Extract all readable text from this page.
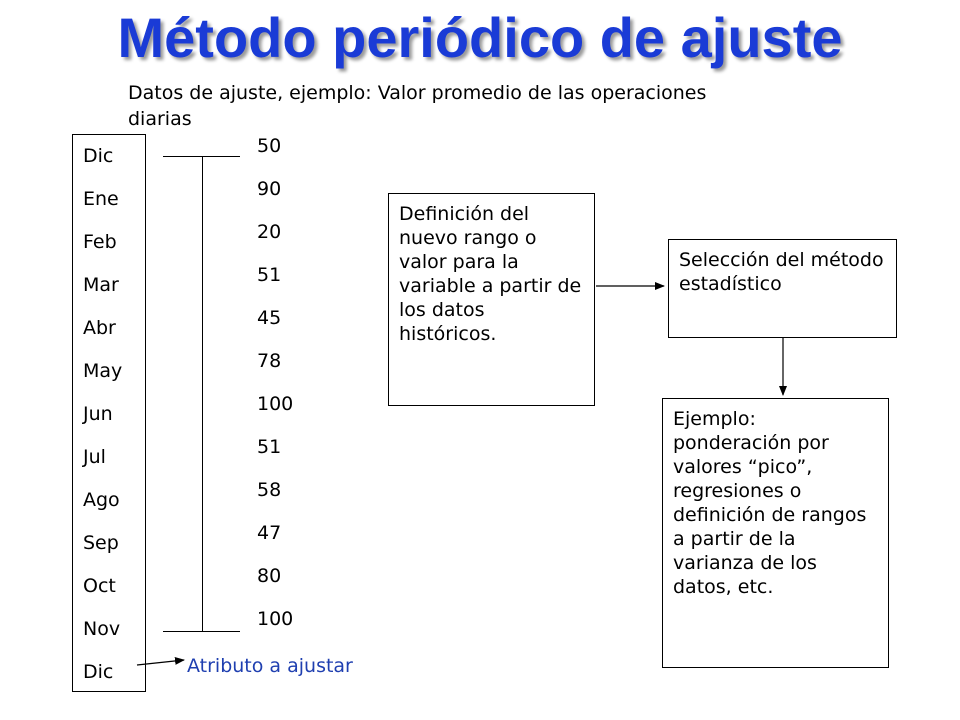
Método periódico de ajuste
Datos de ajuste, ejemplo: Valor promedio de las operaciones diarias
Dic
Ene
Feb
Mar
Abr
May
Jun
Jul
Ago
Sep
Oct
Nov
Dic
50
90
20
51
45
78
100
51
58
47
80
100
Definición del nuevo rango o valor para la variable a partir de los datos históricos.
Selección del método estadístico
Ejemplo: ponderación por valores “pico”, regresiones o definición de rangos a partir de la varianza de los datos, etc.
Atributo a ajustar
